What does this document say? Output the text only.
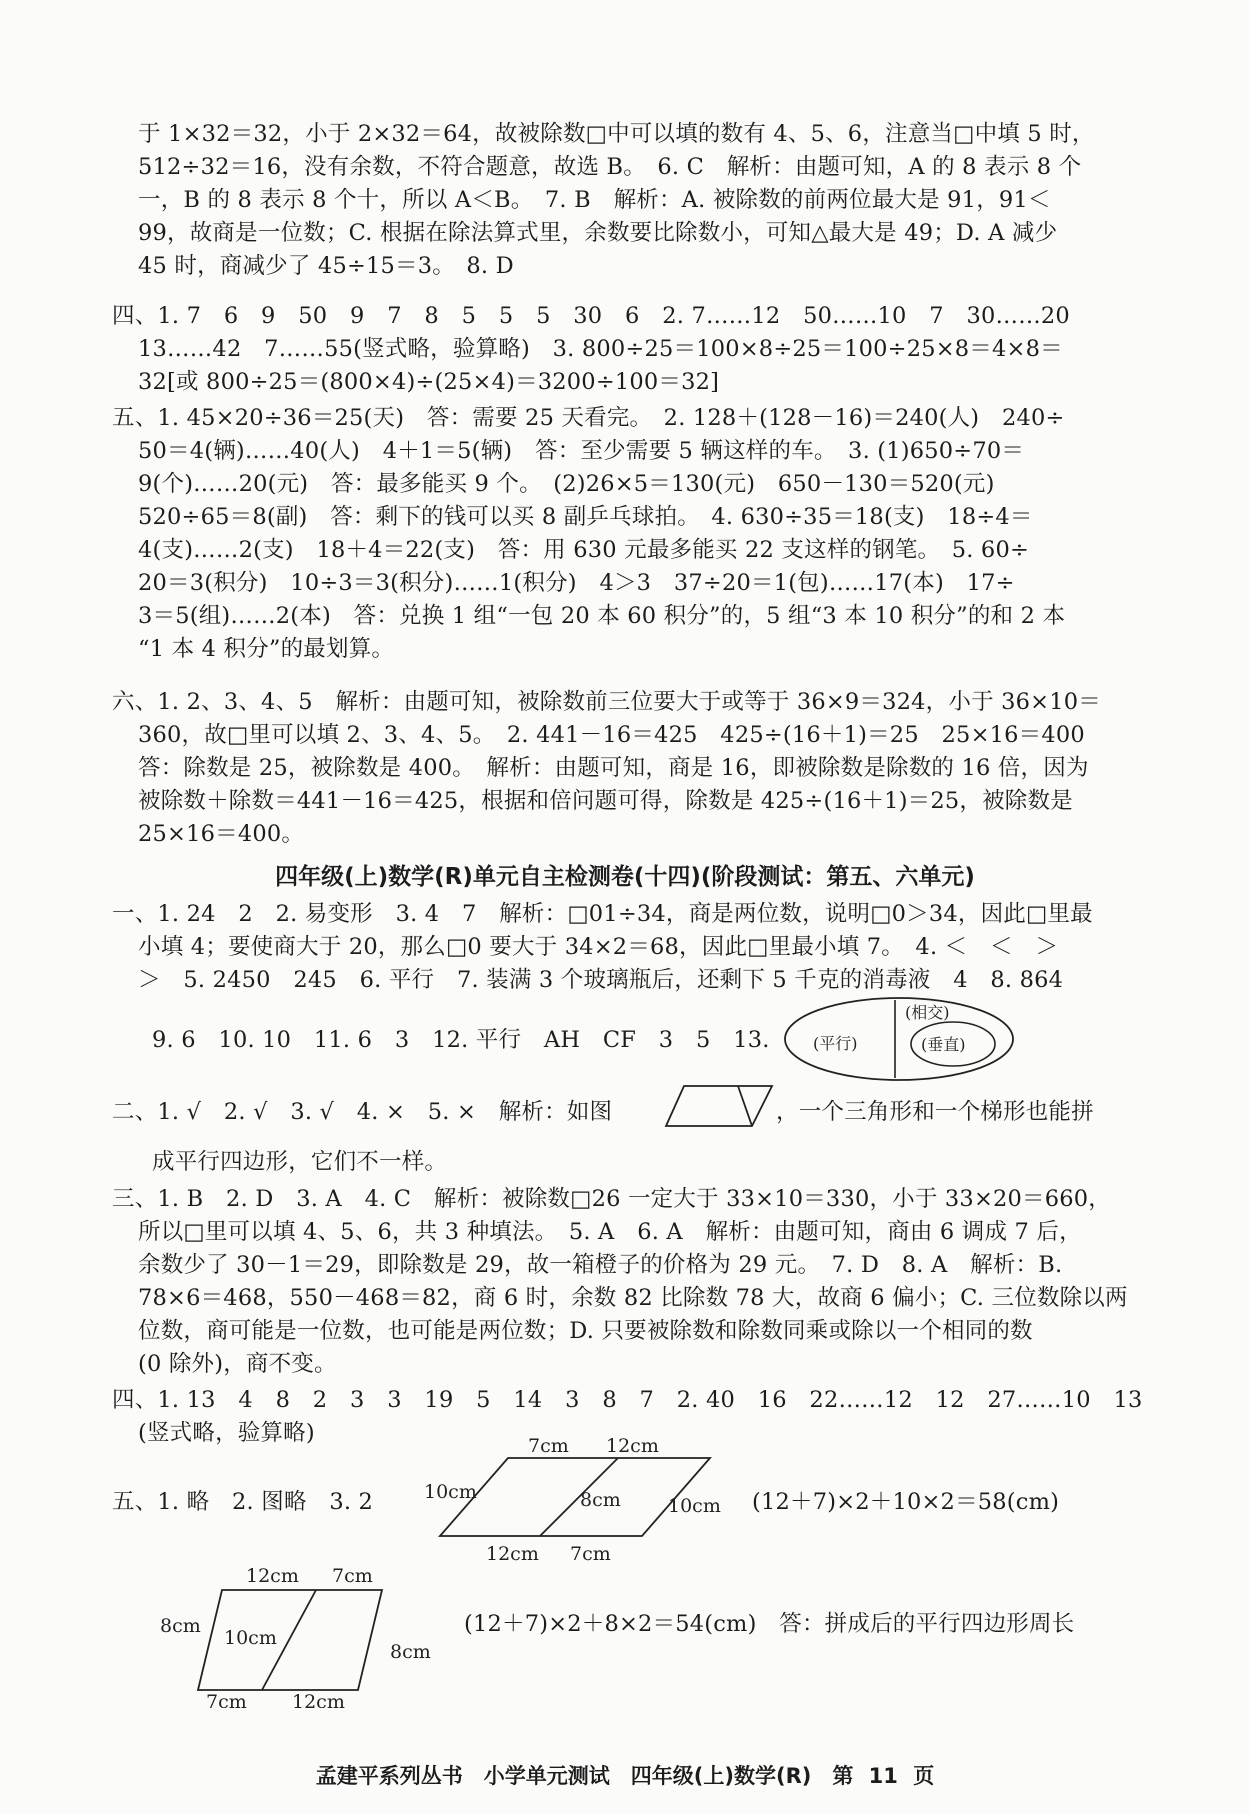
于 1×32＝32，小于 2×32＝64，故被除数□中可以填的数有 4、5、6，注意当□中填 5 时，
512÷32＝16，没有余数，不符合题意，故选 B。　6. C　解析：由题可知，A 的 8 表示 8 个
一，B 的 8 表示 8 个十，所以 A＜B。　7. B　解析：A. 被除数的前两位最大是 91，91＜
99，故商是一位数；C. 根据在除法算式里，余数要比除数小，可知△最大是 49；D. A 减少
45 时，商减少了 45÷15＝3。　8. D
四、1. 7　6　9　50　9　7　8　5　5　5　30　6　2. 7……12　50……10　7　30……20
13……42　7……55(竖式略，验算略)　3. 800÷25＝100×8÷25＝100÷25×8＝4×8＝
32[或 800÷25＝(800×4)÷(25×4)＝3200÷100＝32]
五、1. 45×20÷36＝25(天)　答：需要 25 天看完。　2. 128＋(128－16)＝240(人)　240÷
50＝4(辆)……40(人)　4＋1＝5(辆)　答：至少需要 5 辆这样的车。　3. (1)650÷70＝
9(个)……20(元)　答：最多能买 9 个。　(2)26×5＝130(元)　650－130＝520(元)
520÷65＝8(副)　答：剩下的钱可以买 8 副乒乓球拍。　4. 630÷35＝18(支)　18÷4＝
4(支)……2(支)　18＋4＝22(支)　答：用 630 元最多能买 22 支这样的钢笔。　5. 60÷
20＝3(积分)　10÷3＝3(积分)……1(积分)　4＞3　37÷20＝1(包)……17(本)　17÷
3＝5(组)……2(本)　答：兑换 1 组“一包 20 本 60 积分”的，5 组“3 本 10 积分”的和 2 本
“1 本 4 积分”的最划算。
六、1. 2、3、4、5　解析：由题可知，被除数前三位要大于或等于 36×9＝324，小于 36×10＝
360，故□里可以填 2、3、4、5。　2. 441－16＝425　425÷(16＋1)＝25　25×16＝400
答：除数是 25，被除数是 400。　解析：由题可知，商是 16，即被除数是除数的 16 倍，因为
被除数＋除数＝441－16＝425，根据和倍问题可得，除数是 425÷(16＋1)＝25，被除数是
25×16＝400。
四年级(上)数学(R)单元自主检测卷(十四)(阶段测试：第五、六单元)
一、1. 24　2　2. 易变形　3. 4　7　解析：□01÷34，商是两位数，说明□0＞34，因此□里最
小填 4；要使商大于 20，那么□0 要大于 34×2＝68，因此□里最小填 7。　4. ＜　＜　＞
＞　5. 2450　245　6. 平行　7. 装满 3 个玻璃瓶后，还剩下 5 千克的消毒液　4　8. 864
9. 6　10. 10　11. 6　3　12. 平行　AH　CF　3　5　13.	(平行)
(相交)
(垂直)
二、1. √　2. √　3. √　4. ×　5. ×　解析：如图	，一个三角形和一个梯形也能拼
成平行四边形，它们不一样。
三、1. B　2. D　3. A　4. C　解析：被除数□26 一定大于 33×10＝330，小于 33×20＝660，
所以□里可以填 4、5、6，共 3 种填法。　5. A　6. A　解析：由题可知，商由 6 调成 7 后，
余数少了 30－1＝29，即除数是 29，故一箱橙子的价格为 29 元。　7. D　8. A　解析：B.
78×6＝468，550－468＝82，商 6 时，余数 82 比除数 78 大，故商 6 偏小；C. 三位数除以两
位数，商可能是一位数，也可能是两位数；D. 只要被除数和除数同乘或除以一个相同的数
(0 除外)，商不变。
四、1. 13　4　8　2　3　3　19　5　14　3　8　7　2. 40　16　22……12　12　27……10　13
(竖式略，验算略)
五、1. 略　2. 图略　3. 2
7cm 12cm
10cm	8cm 10cm
12cm 7cm
(12＋7)×2＋10×2＝58(cm)
12cm 7cm
8cm
10cm
8cm
7cm 12cm
(12＋7)×2＋8×2＝54(cm)　答：拼成后的平行四边形周长
孟建平系列丛书　小学单元测试　四年级(上)数学(R)　第 11 页
